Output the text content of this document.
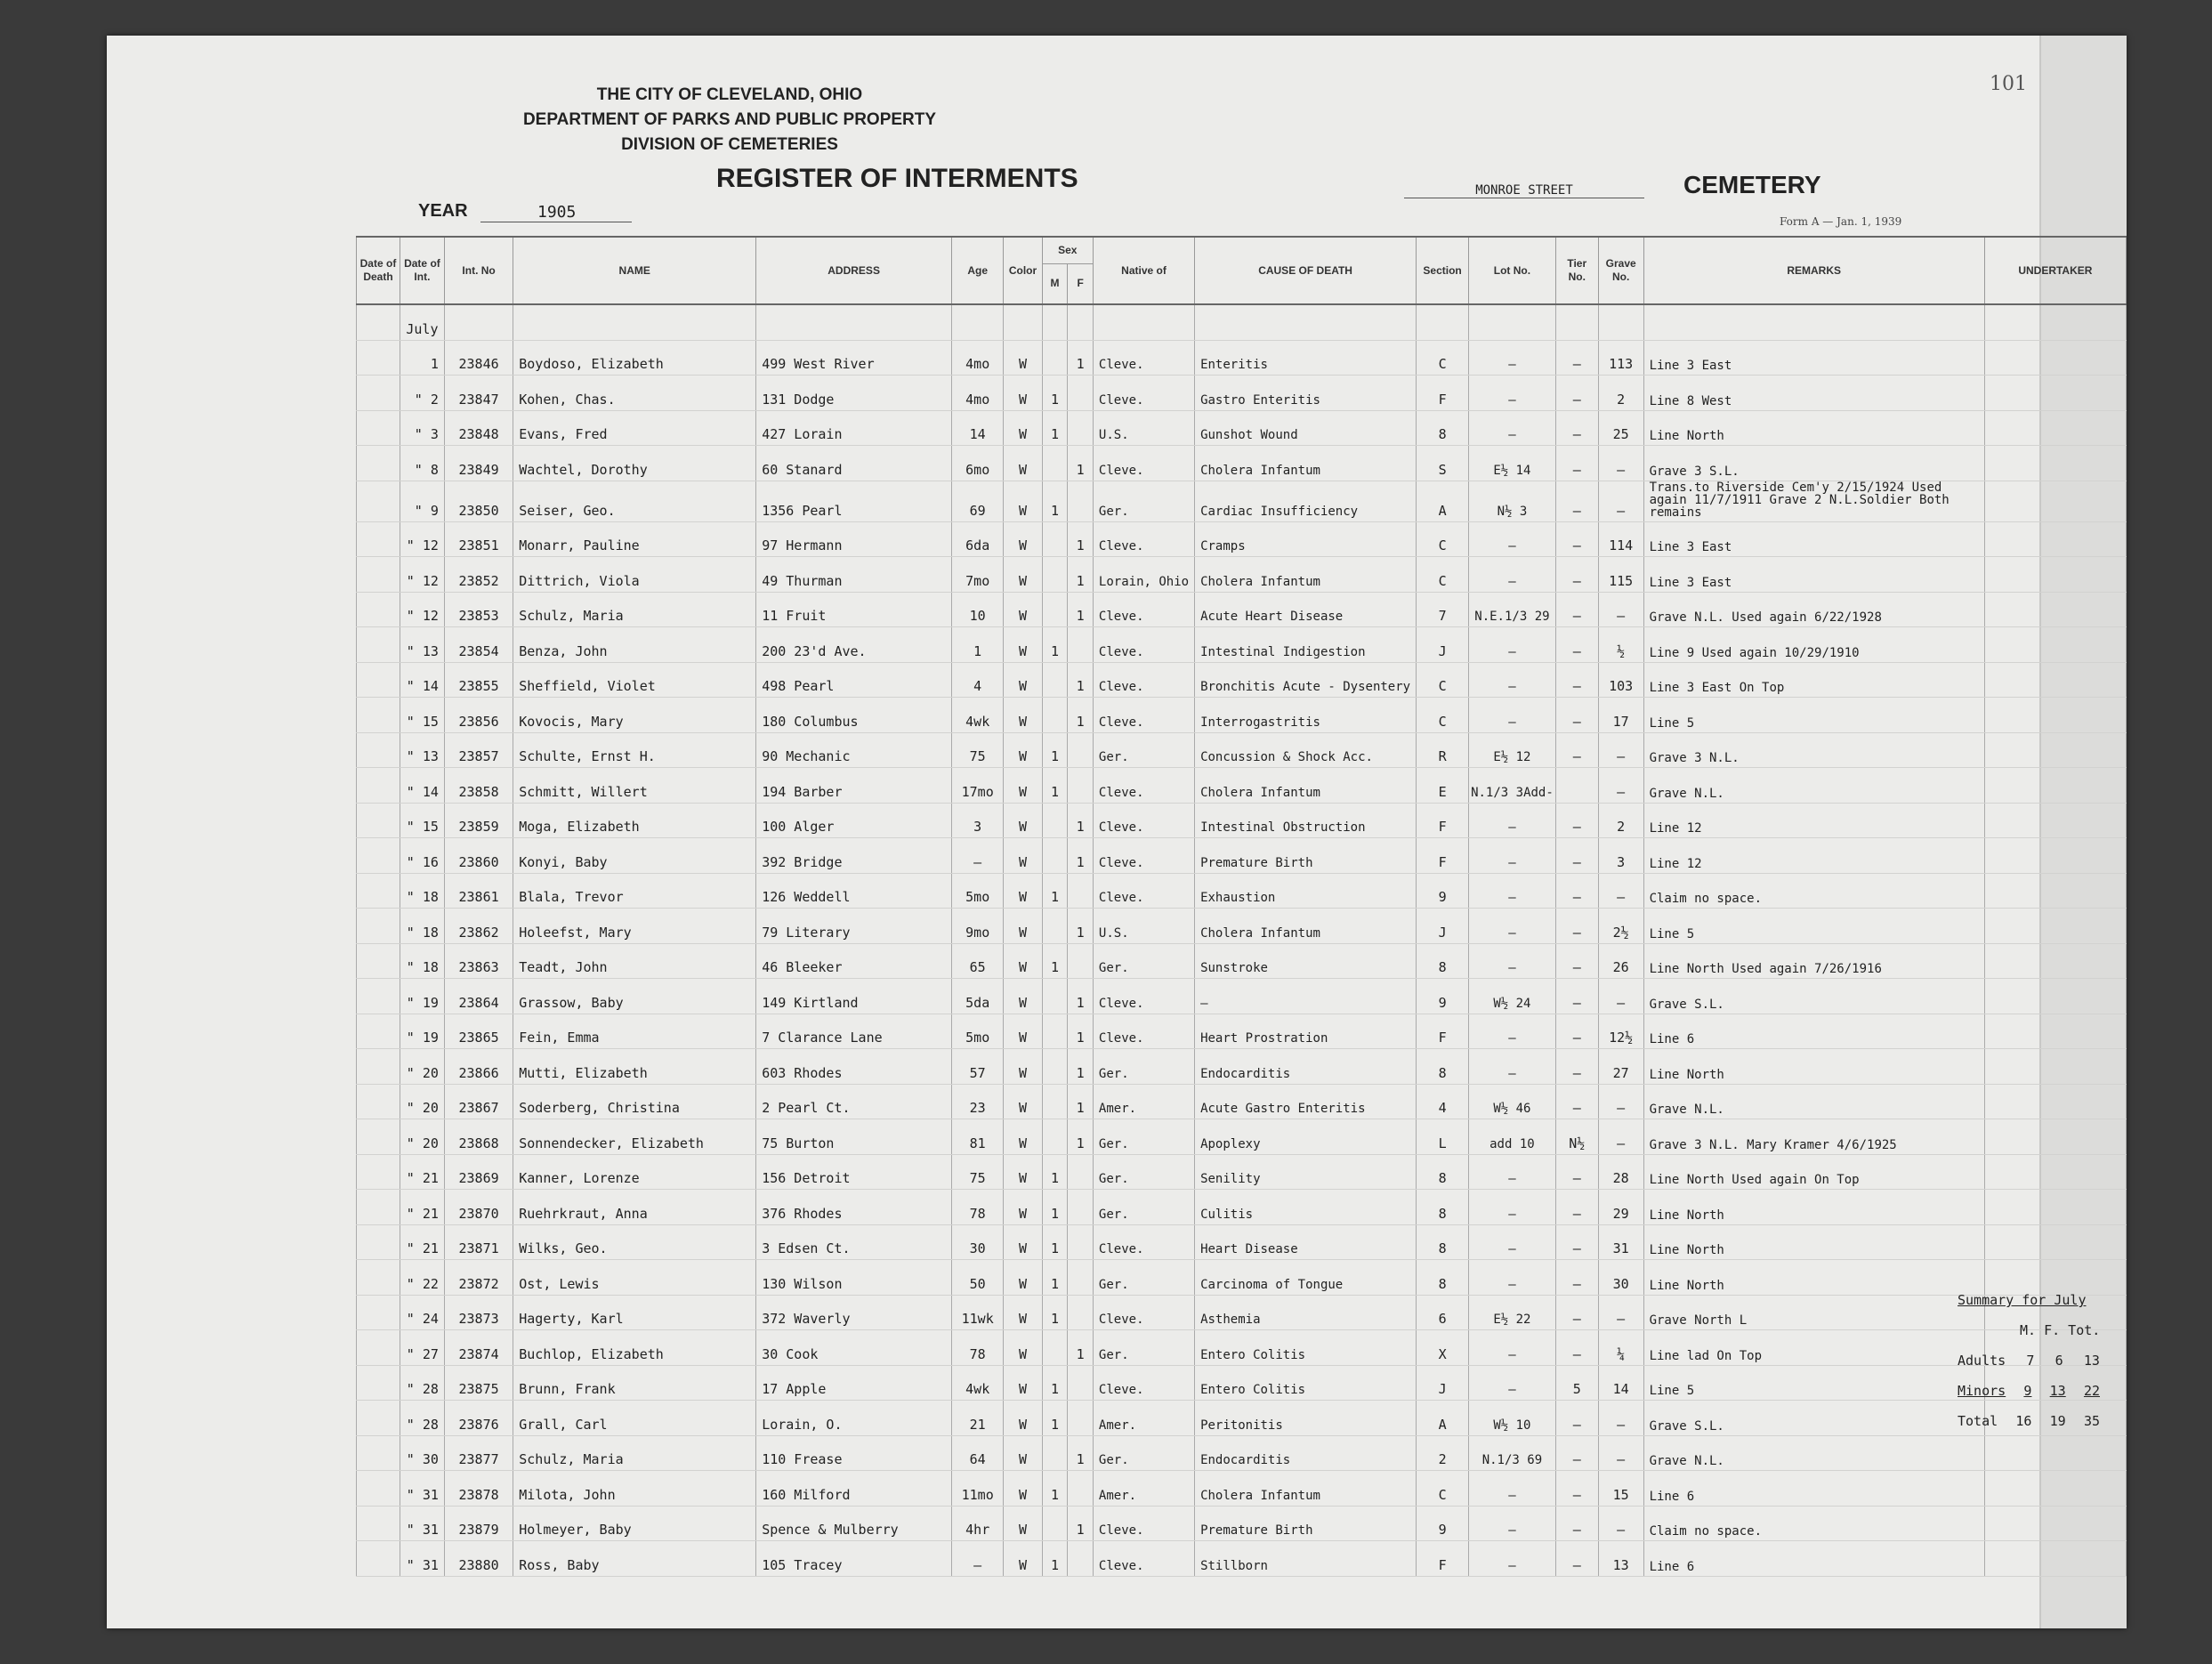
THE CITY OF CLEVELAND, OHIO
DEPARTMENT OF PARKS AND PUBLIC PROPERTY
DIVISION OF CEMETERIES
REGISTER OF INTERMENTS
101
YEAR	1905
MONROE STREET	CEMETERY
Form A — Jan. 1, 1939
Date of Death	Date of Int.	Int. No	NAME	ADDRESS	Age	Color	Sex		Native of	CAUSE OF DEATH	Section	Lot No.	Tier No.	Grave No.	REMARKS	UNDERTAKER
							M	F								
	July															
	1	23846	Boydoso, Elizabeth	499 West River	4mo	W		1	Cleve.	Enteritis	C	–	–	113	Line 3 East	
	" 2	23847	Kohen, Chas.	131 Dodge	4mo	W	1		Cleve.	Gastro Enteritis	F	–	–	2	Line 8 West	
	" 3	23848	Evans, Fred	427 Lorain	14	W	1		U.S.	Gunshot Wound	8	–	–	25	Line North	
	" 8	23849	Wachtel, Dorothy	60 Stanard	6mo	W		1	Cleve.	Cholera Infantum	S	E½ 14	–	–	Grave 3 S.L.	
	" 9	23850	Seiser, Geo.	1356 Pearl	69	W	1		Ger.	Cardiac Insufficiency	A	N½ 3	–	–	Trans.to Riverside Cem'y 2/15/1924 Used again 11/7/1911 Grave 2 N.L.Soldier Both remains	
	" 12	23851	Monarr, Pauline	97 Hermann	6da	W		1	Cleve.	Cramps	C	–	–	114	Line 3 East	
	" 12	23852	Dittrich, Viola	49 Thurman	7mo	W		1	Lorain, Ohio	Cholera Infantum	C	–	–	115	Line 3 East	
	" 12	23853	Schulz, Maria	11 Fruit	10	W		1	Cleve.	Acute Heart Disease	7	N.E.1/3 29	–	–	Grave N.L. Used again 6/22/1928	
	" 13	23854	Benza, John	200 23'd Ave.	1	W	1		Cleve.	Intestinal Indigestion	J	–	–	½	Line 9 Used again 10/29/1910	
	" 14	23855	Sheffield, Violet	498 Pearl	4	W		1	Cleve.	Bronchitis Acute - Dysentery	C	–	–	103	Line 3 East On Top	
	" 15	23856	Kovocis, Mary	180 Columbus	4wk	W		1	Cleve.	Interrogastritis	C	–	–	17	Line 5	
	" 13	23857	Schulte, Ernst H.	90 Mechanic	75	W	1		Ger.	Concussion & Shock Acc.	R	E½ 12	–	–	Grave 3 N.L.	
	" 14	23858	Schmitt, Willert	194 Barber	17mo	W	1		Cleve.	Cholera Infantum	E	N.1/3 3Add-		–	Grave N.L.	
	" 15	23859	Moga, Elizabeth	100 Alger	3	W		1	Cleve.	Intestinal Obstruction	F	–	–	2	Line 12	
	" 16	23860	Konyi, Baby	392 Bridge	–	W		1	Cleve.	Premature Birth	F	–	–	3	Line 12	
	" 18	23861	Blala, Trevor	126 Weddell	5mo	W	1		Cleve.	Exhaustion	9	–	–	–	Claim no space.	
	" 18	23862	Holeefst, Mary	79 Literary	9mo	W		1	U.S.	Cholera Infantum	J	–	–	2½	Line 5	
	" 18	23863	Teadt, John	46 Bleeker	65	W	1		Ger.	Sunstroke	8	–	–	26	Line North Used again 7/26/1916	
	" 19	23864	Grassow, Baby	149 Kirtland	5da	W		1	Cleve.	–	9	W½ 24	–	–	Grave S.L.	
	" 19	23865	Fein, Emma	7 Clarance Lane	5mo	W		1	Cleve.	Heart Prostration	F	–	–	12½	Line 6	
	" 20	23866	Mutti, Elizabeth	603 Rhodes	57	W		1	Ger.	Endocarditis	8	–	–	27	Line North	
	" 20	23867	Soderberg, Christina	2 Pearl Ct.	23	W		1	Amer.	Acute Gastro Enteritis	4	W½ 46	–	–	Grave N.L.	
	" 20	23868	Sonnendecker, Elizabeth	75 Burton	81	W		1	Ger.	Apoplexy	L	add 10	N½	–	Grave 3 N.L. Mary Kramer 4/6/1925	
	" 21	23869	Kanner, Lorenze	156 Detroit	75	W	1		Ger.	Senility	8	–	–	28	Line North Used again On Top	
	" 21	23870	Ruehrkraut, Anna	376 Rhodes	78	W	1		Ger.	Culitis	8	–	–	29	Line North	
	" 21	23871	Wilks, Geo.	3 Edsen Ct.	30	W	1		Cleve.	Heart Disease	8	–	–	31	Line North	
	" 22	23872	Ost, Lewis	130 Wilson	50	W	1		Ger.	Carcinoma of Tongue	8	–	–	30	Line North	
	" 24	23873	Hagerty, Karl	372 Waverly	11wk	W	1		Cleve.	Asthemia	6	E½ 22	–	–	Grave North L	
	" 27	23874	Buchlop, Elizabeth	30 Cook	78	W		1	Ger.	Entero Colitis	X	–	–	¼	Line lad On Top	
	" 28	23875	Brunn, Frank	17 Apple	4wk	W	1		Cleve.	Entero Colitis	J	–	5	14	Line 5	
	" 28	23876	Grall, Carl	Lorain, O.	21	W	1		Amer.	Peritonitis	A	W½ 10	–	–	Grave S.L.	
	" 30	23877	Schulz, Maria	110 Frease	64	W		1	Ger.	Endocarditis	2	N.1/3 69	–	–	Grave N.L.	
	" 31	23878	Milota, John	160 Milford	11mo	W	1		Amer.	Cholera Infantum	C	–	–	15	Line 6	
	" 31	23879	Holmeyer, Baby	Spence & Mulberry	4hr	W		1	Cleve.	Premature Birth	9	–	–	–	Claim no space.	
	" 31	23880	Ross, Baby	105 Tracey	–	W	1		Cleve.	Stillborn	F	–	–	13	Line 6	
Summary for July
M. F. Tot.
Adults 7 6 13
Minors 9 13 22
Total 16 19 35
